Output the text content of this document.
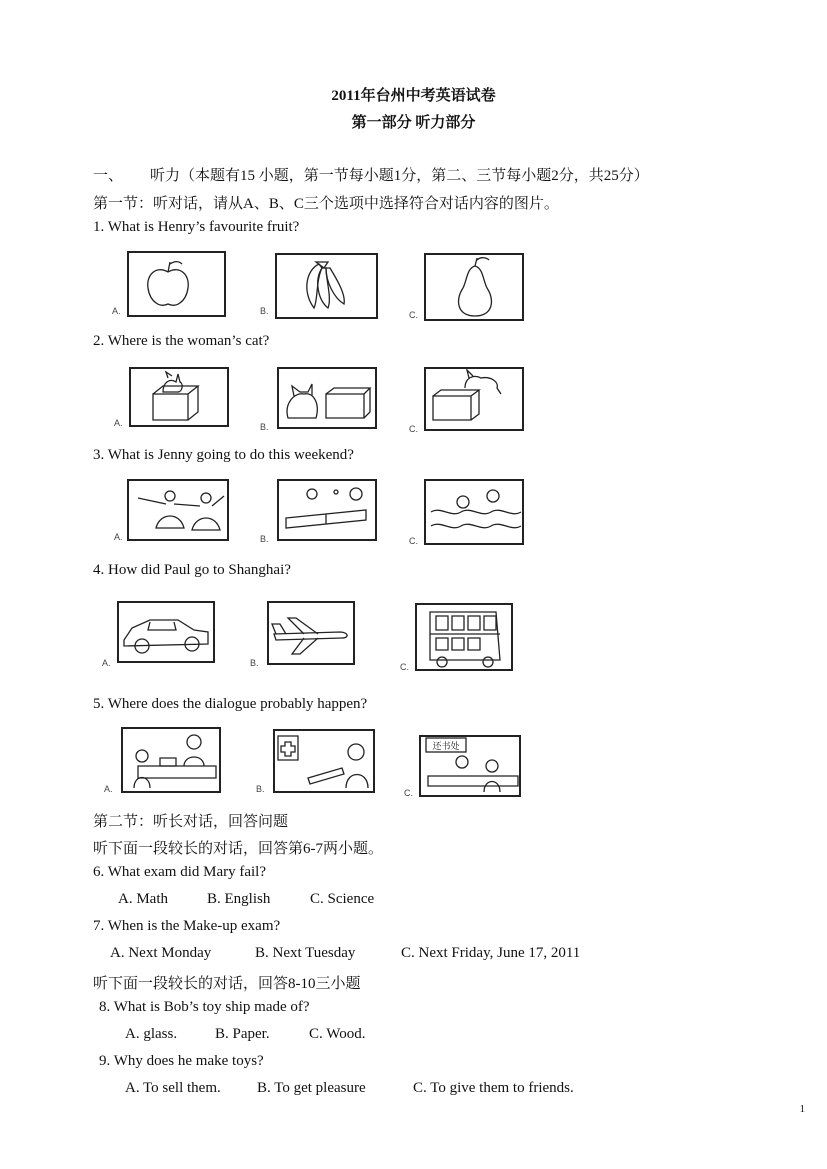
2011年台州中考英语试卷
第一部分 听力部分
一、 听力（本题有15 小题，第一节每小题1分，第二、三节每小题2分，共25分）
第一节：听对话，请从A、B、C三个选项中选择符合对话内容的图片。
1. What is Henry’s favourite fruit?
A.	B.	C.
2. Where is the woman’s cat?
A.	B.	C.
3. What is Jenny going to do this weekend?
A.	B.	C.
4. How did Paul go to Shanghai?
A.	B.	C.
5. Where does the dialogue probably happen?
A.	B.
还书处
C.
第二节：听长对话，回答问题
听下面一段较长的对话，回答第6-7两小题。
6. What exam did Mary fail?
A. Math	B. English	C. Science
7. When is the Make-up exam?
A. Next Monday	B. Next Tuesday	C. Next Friday, June 17, 2011
听下面一段较长的对话，回答8-10三小题
8. What is Bob’s toy ship made of?
A. glass.	B. Paper.	C. Wood.
9. Why does he make toys?
A. To sell them. B. To get pleasure	C. To give them to friends.
1
